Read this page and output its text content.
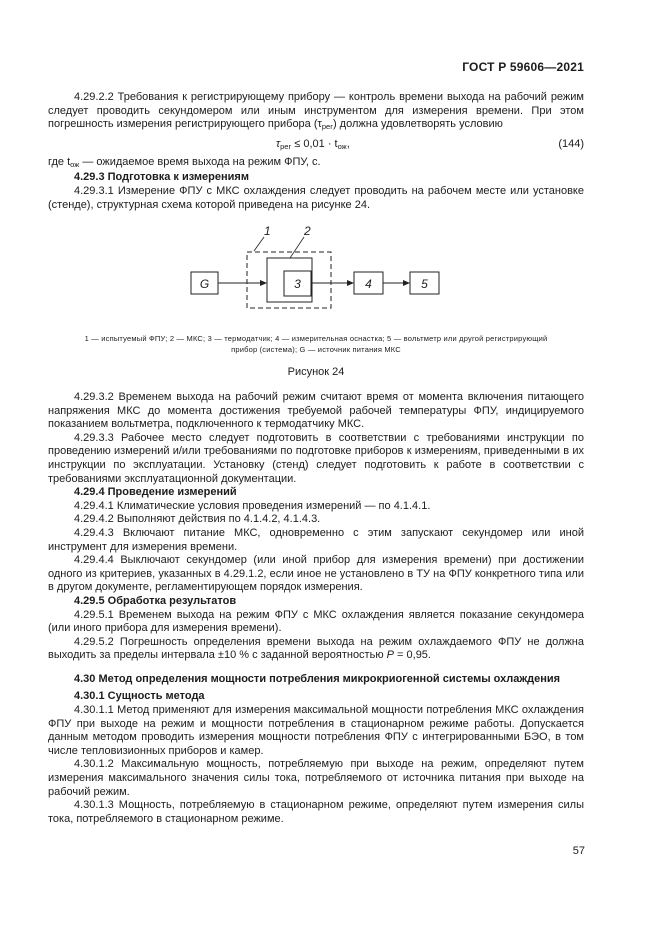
ГОСТ Р 59606—2021

4.29.2.2 Требования к регистрирующему прибору — контроль времени выхода на рабочий режим следует проводить секундомером или иным инструментом для измерения времени. При этом погрешность измерения регистрирующего прибора $(\tau_{рег})$ должна удовлетворять условию

$\tau_{рег} \le 0,01 \cdot t_{ож}$,	(144)

где $t_{ож}$ — ожидаемое время выхода на режим ФПУ, с.

4.29.3 Подготовка к измерениям

4.29.3.1 Измерение ФПУ с МКС охлаждения следует проводить на рабочем месте или установке (стенде), структурная схема которой приведена на рисунке 24.

1	2
G	3	4	5
1 — испытуемый ФПУ; 2 — МКС; 3 — термодатчик; 4 — измерительная оснастка; 5 — вольтметр или другой регистрирующий
прибор (система); G — источник питания МКС
Рисунок 24

4.29.3.2 Временем выхода на рабочий режим считают время от момента включения питающего напряжения МКС до момента достижения требуемой рабочей температуры ФПУ, индицируемого показанием вольтметра, подключенного к термодатчику МКС.

4.29.3.3 Рабочее место следует подготовить в соответствии с требованиями инструкции по проведению измерений и/или требованиями по подготовке приборов к измерениям, приведенными в их инструкции по эксплуатации. Установку (стенд) следует подготовить к работе в соответствии с требованиями эксплуатационной документации.

4.29.4 Проведение измерений

4.29.4.1 Климатические условия проведения измерений — по 4.1.4.1.

4.29.4.2 Выполняют действия по 4.1.4.2, 4.1.4.3.

4.29.4.3 Включают питание МКС, одновременно с этим запускают секундомер или иной инструмент для измерения времени.

4.29.4.4 Выключают секундомер (или иной прибор для измерения времени) при достижении одного из критериев, указанных в 4.29.1.2, если иное не установлено в ТУ на ФПУ конкретного типа или в другом документе, регламентирующем порядок измерения.

4.29.5 Обработка результатов

4.29.5.1 Временем выхода на режим ФПУ с МКС охлаждения является показание секундомера (или иного прибора для измерения времени).

4.29.5.2 Погрешность определения времени выхода на режим охлаждаемого ФПУ не должна выходить за пределы интервала ±10 % с заданной вероятностью Р = 0,95.

4.30 Метод определения мощности потребления микрокриогенной системы охлаждения

4.30.1 Сущность метода

4.30.1.1 Метод применяют для измерения максимальной мощности потребления МКС охлаждения ФПУ при выходе на режим и мощности потребления в стационарном режиме работы. Допускается данным методом проводить измерения мощности потребления ФПУ с интегрированными БЭО, в том числе тепловизионных приборов и камер.

4.30.1.2 Максимальную мощность, потребляемую при выходе на режим, определяют путем измерения максимального значения силы тока, потребляемого от источника питания при выходе на рабочий режим.

4.30.1.3 Мощность, потребляемую в стационарном режиме, определяют путем измерения силы тока, потребляемого в стационарном режиме.

57
